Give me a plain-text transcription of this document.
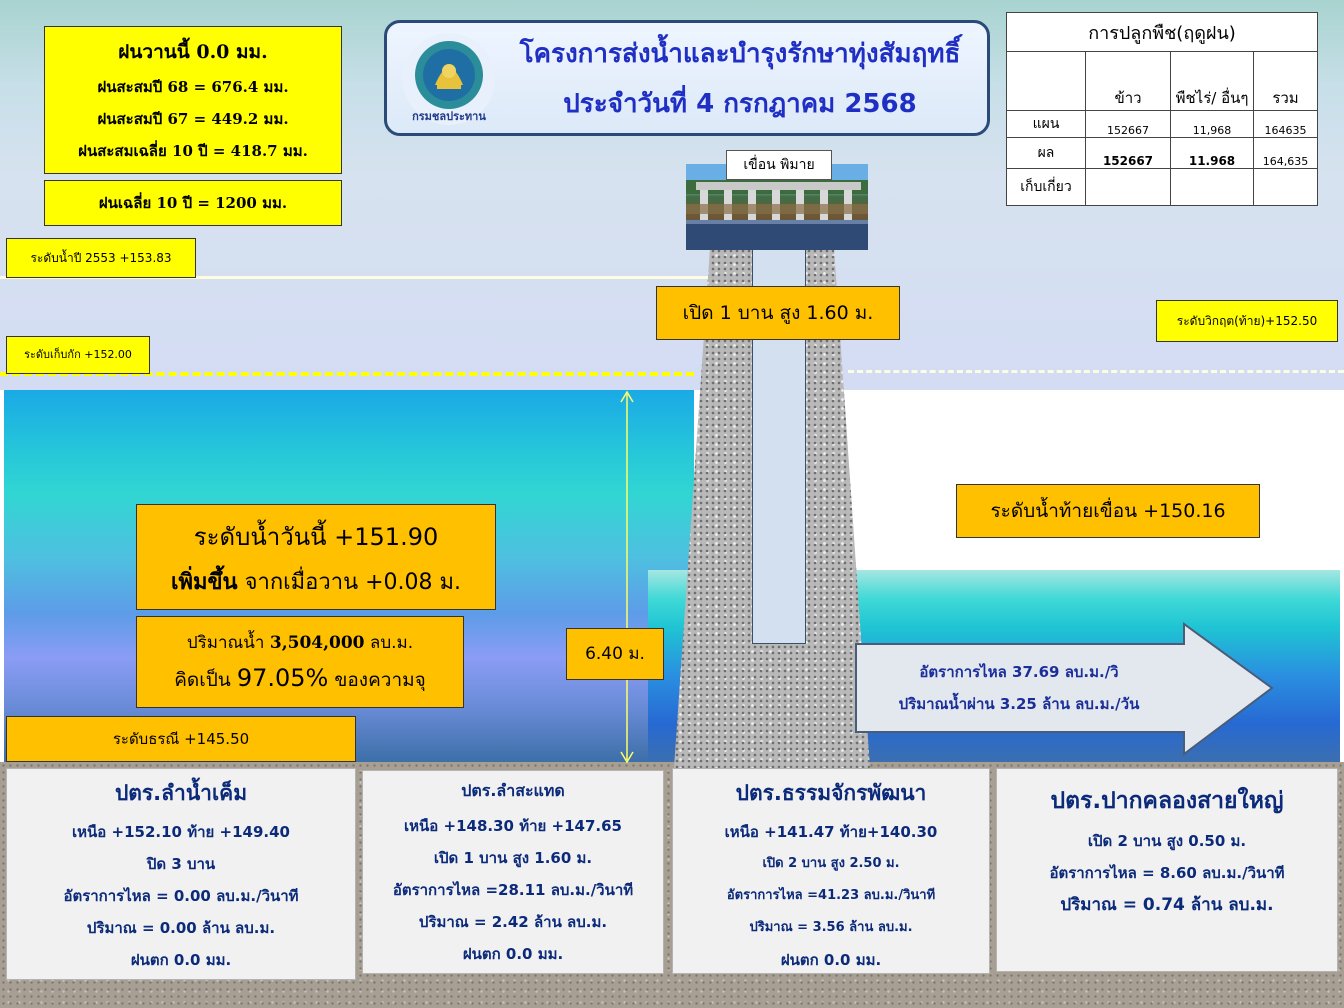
เขื่อน พิมาย
กรมชลประทาน
โครงการส่งน้ำและบำรุงรักษาทุ่งสัมฤทธิ์
ประจำวันที่ 4 กรกฎาคม 2568
ฝนวานนี้ 0.0 มม.
ฝนสะสมปี 68 = 676.4 มม.
ฝนสะสมปี 67 = 449.2 มม.
ฝนสะสมเฉลี่ย 10 ปี = 418.7 มม.
ฝนเฉลี่ย 10 ปี = 1200 มม.
ระดับน้ำปี 2553 +153.83
ระดับเก็บกัก +152.00
ระดับวิกฤต(ท้าย)+152.50
เปิด 1 บาน สูง 1.60 ม.
ระดับน้ำท้ายเขื่อน +150.16
ระดับน้ำวันนี้ +151.90
เพิ่มขึ้น จากเมื่อวาน +0.08 ม.
ปริมาณน้ำ 3,504,000 ลบ.ม.
คิดเป็น 97.05% ของความจุ
ระดับธรณี +145.50
6.40 ม.
อัตราการไหล 37.69 ลบ.ม./วิ
ปริมาณน้ำผ่าน 3.25 ล้าน ลบ.ม./วัน
การปลูกพืช(ฤดูฝน)			
	ข้าว	พืชไร่/ อื่นๆ	รวม
แผน	152667	11,968	164635
ผล	152667	11.968	164,635
เก็บเกี่ยว			
ปตร.ลำน้ำเค็ม
เหนือ +152.10 ท้าย +149.40
ปิด 3 บาน
อัตราการไหล = 0.00 ลบ.ม./วินาที
ปริมาณ = 0.00 ล้าน ลบ.ม.
ฝนตก 0.0 มม.
ปตร.ลำสะแทด
เหนือ +148.30 ท้าย +147.65
เปิด 1 บาน สูง 1.60 ม.
อัตราการไหล =28.11 ลบ.ม./วินาที
ปริมาณ = 2.42 ล้าน ลบ.ม.
ฝนตก 0.0 มม.
ปตร.ธรรมจักรพัฒนา
เหนือ +141.47 ท้าย+140.30
เปิด 2 บาน สูง 2.50 ม.
อัตราการไหล =41.23 ลบ.ม./วินาที
ปริมาณ = 3.56 ล้าน ลบ.ม.
ฝนตก 0.0 มม.
ปตร.ปากคลองสายใหญ่
เปิด 2 บาน สูง 0.50 ม.
อัตราการไหล = 8.60 ลบ.ม./วินาที
ปริมาณ = 0.74 ล้าน ลบ.ม.
